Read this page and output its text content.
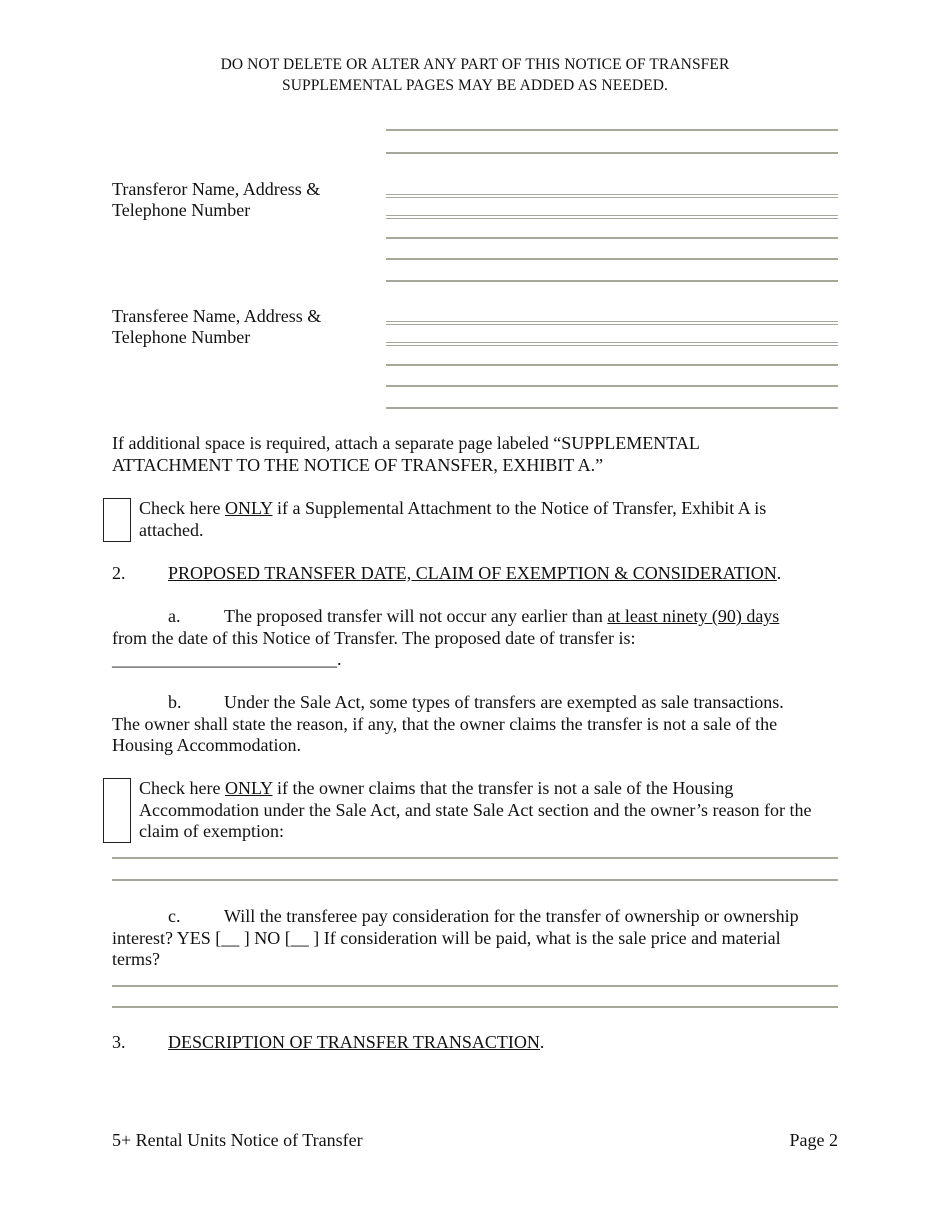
DO NOT DELETE OR ALTER ANY PART OF THIS NOTICE OF TRANSFER
SUPPLEMENTAL PAGES MAY BE ADDED AS NEEDED.
Transferor Name, Address &
Telephone Number
Transferee Name, Address &
Telephone Number
If additional space is required, attach a separate page labeled “SUPPLEMENTAL
ATTACHMENT TO THE NOTICE OF TRANSFER, EXHIBIT A.”
Check here ONLY if a Supplemental Attachment to the Notice of Transfer, Exhibit A is
attached.
2. PROPOSED TRANSFER DATE, CLAIM OF EXEMPTION & CONSIDERATION.
a. The proposed transfer will not occur any earlier than at least ninety (90) days
from the date of this Notice of Transfer. The proposed date of transfer is:
_________________________.
b. Under the Sale Act, some types of transfers are exempted as sale transactions.
The owner shall state the reason, if any, that the owner claims the transfer is not a sale of the
Housing Accommodation.
Check here ONLY if the owner claims that the transfer is not a sale of the Housing
Accommodation under the Sale Act, and state Sale Act section and the owner’s reason for the
claim of exemption:
c. Will the transferee pay consideration for the transfer of ownership or ownership
interest? YES [__ ] NO [__ ] If consideration will be paid, what is the sale price and material
terms?
3. DESCRIPTION OF TRANSFER TRANSACTION.
5+ Rental Units Notice of Transfer	Page 2
